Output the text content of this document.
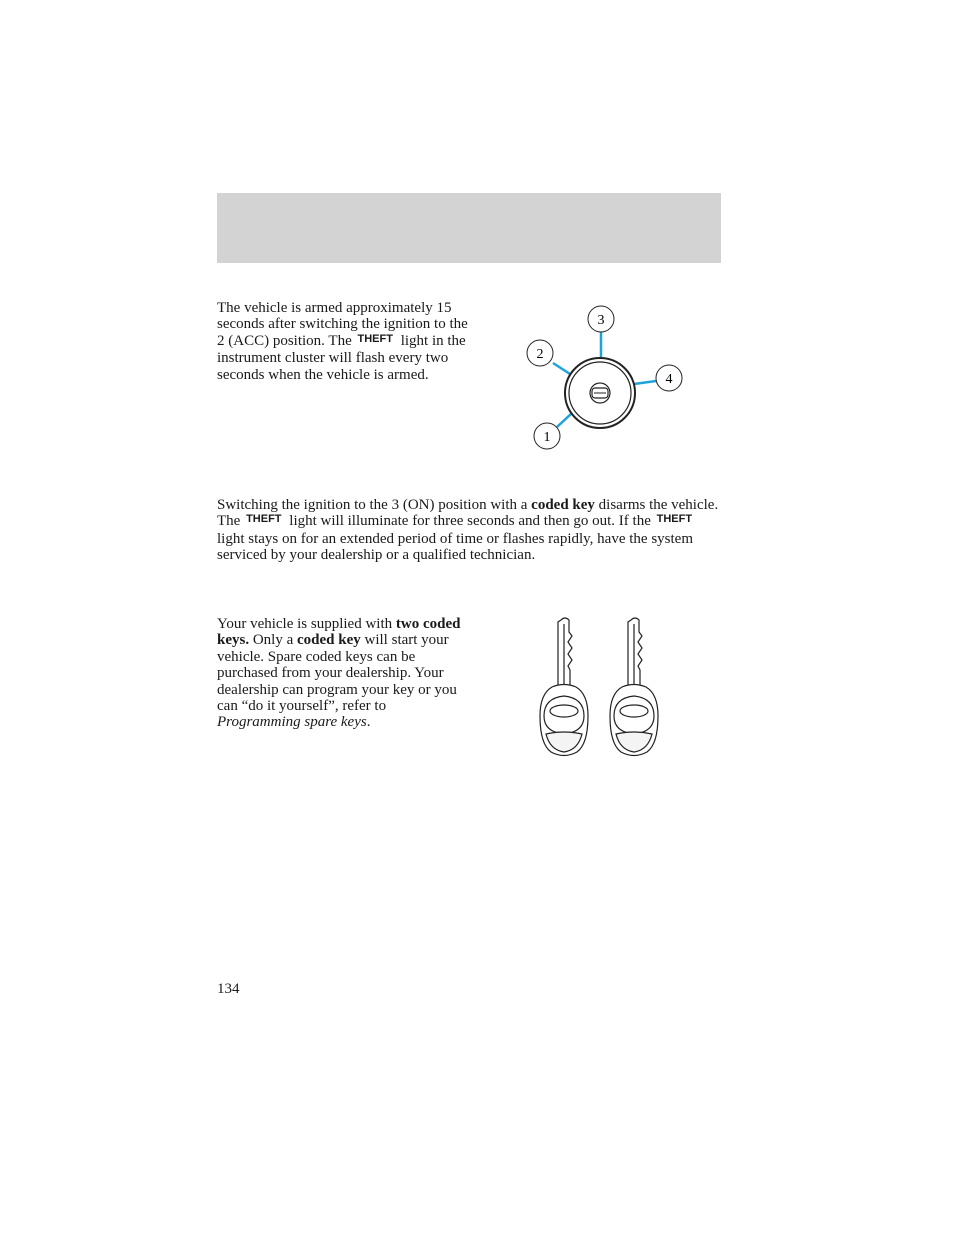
The vehicle is armed approximately 15 seconds after switching the ignition to the 2 (ACC) position. The $^{THEFT}$ light in the instrument cluster will flash every two seconds when the vehicle is armed.

3
2
4
1

Switching the ignition to the 3 (ON) position with a coded key disarms the vehicle. The $^{THEFT}$ light will illuminate for three seconds and then go out. If the $^{THEFT}$ light stays on for an extended period of time or flashes rapidly, have the system serviced by your dealership or a qualified technician.

Your vehicle is supplied with two coded keys. Only a coded key will start your vehicle. Spare coded keys can be purchased from your dealership. Your dealership can program your key or you can “do it yourself”, refer to Programming spare keys.

134
